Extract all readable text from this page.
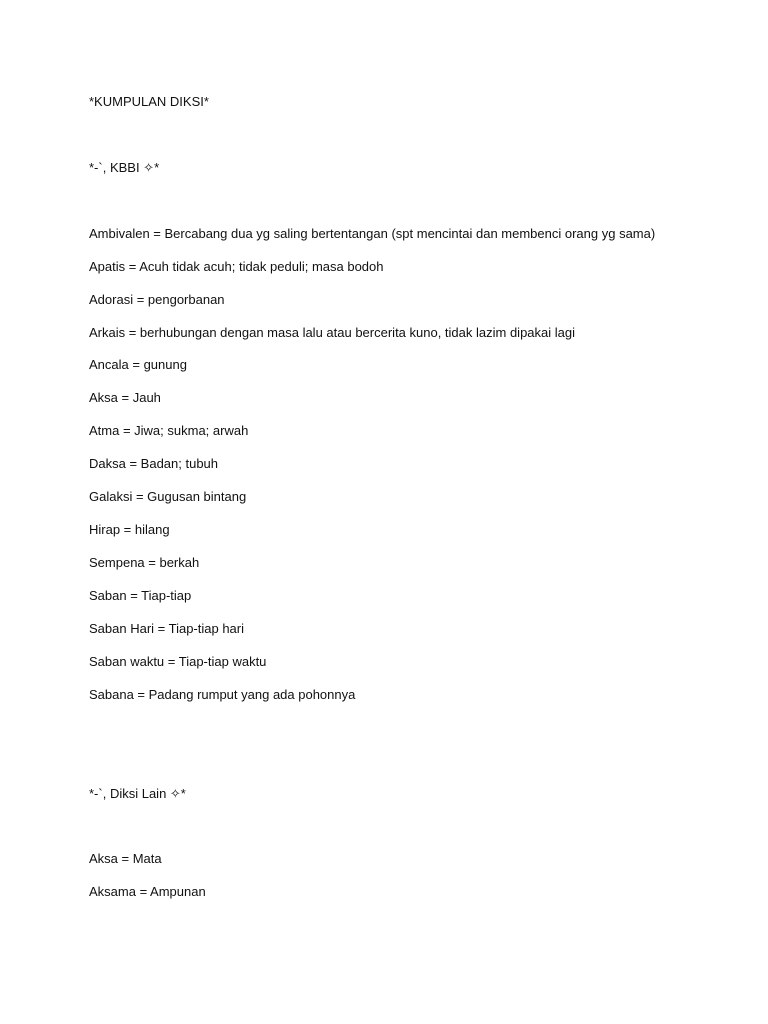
*KUMPULAN DIKSI*
*-`, KBBI ✧*
Ambivalen = Bercabang dua yg saling bertentangan (spt mencintai dan membenci orang yg sama)
Apatis = Acuh tidak acuh; tidak peduli; masa bodoh
Adorasi = pengorbanan
Arkais = berhubungan dengan masa lalu atau bercerita kuno, tidak lazim dipakai lagi
Ancala = gunung
Aksa = Jauh
Atma = Jiwa; sukma; arwah
Daksa = Badan; tubuh
Galaksi = Gugusan bintang
Hirap = hilang
Sempena = berkah
Saban = Tiap-tiap
Saban Hari = Tiap-tiap hari
Saban waktu = Tiap-tiap waktu
Sabana = Padang rumput yang ada pohonnya
*-`, Diksi Lain ✧*
Aksa = Mata
Aksama = Ampunan
